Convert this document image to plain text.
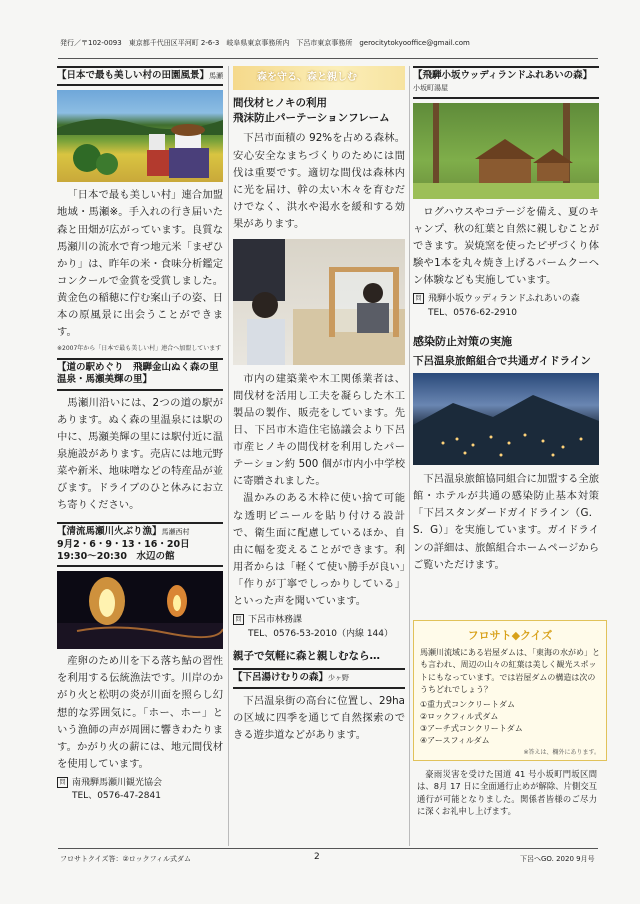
発行／〒102-0093　東京都千代田区平河町 2-6-3　岐阜県東京事務所内　下呂市東京事務所　gerocitytokyooffice@gmail.com
【日本で最も美しい村の田園風景】馬瀬

「日本で最も美しい村」連合加盟地域・馬瀬※。手入れの行き届いた森と田畑が広がっています。良質な馬瀬川の流水で育つ地元米「まぜひかり」は、昨年の米・食味分析鑑定コンクールで金賞を受賞しました。黄金色の稲穂に佇む案山子の姿、日本の原風景に出会うことができます。

※2007年から「日本で最も美しい村」連合へ加盟しています
【道の駅めぐり　飛騨金山ぬく森の里温泉・馬瀬美輝の里】

馬瀬川沿いには、2つの道の駅があります。ぬく森の里温泉には駅の中に、馬瀬美輝の里には駅付近に温泉施設があります。売店には地元野菜や新米、地味噌などの特産品が並びます。ドライブのひと休みにお立ち寄りください。

【清流馬瀬川火ぶり漁】馬瀬西村
9月2・6・9・13・16・20日
19:30～20:30　水辺の館

産卵のため川を下る落ち鮎の習性を利用する伝統漁法です。川岸のかがり火と松明の炎が川面を照らし幻想的な雰囲気に。「ホー、ホー」という漁師の声が周囲に響きわたります。かがり火の薪には、地元間伐材を使用しています。

問 南飛騨馬瀬川観光協会
TEL、0576-47-2841
森を守る、森と親しむ
間伐材ヒノキの利用
飛沫防止パーテーションフレーム

下呂市面積の 92%を占める森林。安心安全なまちづくりのためには間伐は重要です。適切な間伐は森林内に光を届け、幹の太い木々を育むだけでなく、洪水や渇水を緩和する効果があります。

市内の建築業や木工関係業者は、間伐材を活用し工夫を凝らした木工製品の製作、販売をしています。先日、下呂市木造住宅協議会より下呂市産ヒノキの間伐材を利用したパーテーション約 500 個が市内小中学校に寄贈されました。

温かみのある木枠に使い捨て可能な透明ビニールを貼り付ける設計で、衛生面に配慮しているほか、自由に幅を変えることができます。利用者からは「軽くて使い勝手が良い」「作りが丁寧でしっかりしている」といった声を聞いています。

問 下呂市林務課
TEL、0576-53-2010（内線 144）
親子で気軽に森と親しむなら…
【下呂湯けむりの森】少ヶ野

下呂温泉街の高台に位置し、29ha の区域に四季を通じて自然探索のできる遊歩道などがあります。

【飛騨小坂ウッディランドふれあいの森】小坂町湯屋

ログハウスやコテージを備え、夏のキャンプ、秋の紅葉と自然に親しむことができます。炭焼窯を使ったピザづくり体験や1本を丸々焼き上げるバームクーヘン体験なども実施しています。

問 飛騨小坂ウッディランドふれあいの森
TEL、0576-62-2910
感染防止対策の実施
下呂温泉旅館組合で共通ガイドライン

下呂温泉旅館協同組合に加盟する全旅館・ホテルが共通の感染防止基本対策「下呂スタンダードガイドライン（G．S．G）」を実施しています。ガイドラインの詳細は、旅館組合ホームページからご覧いただけます。

フロサト◆クイズ

馬瀬川流域にある岩屋ダムは、「東海の水がめ」とも言われ、周辺の山々の紅葉は美しく観光スポットにもなっています。では岩屋ダムの構造は次のうちどれでしょう？

①重力式コンクリートダム
②ロックフィル式ダム
③アーチ式コンクリートダム
④アースフィルダム
※答えは、欄外にあります。

豪雨災害を受けた国道 41 号小坂町門坂区間は、8月 17 日に全面通行止めが解除、片側交互通行が可能となりました。関係者皆様のご尽力に深くお礼申し上げます。

フロサトクイズ答：②ロックフィル式ダム	2	下呂へGO. 2020 9月号
